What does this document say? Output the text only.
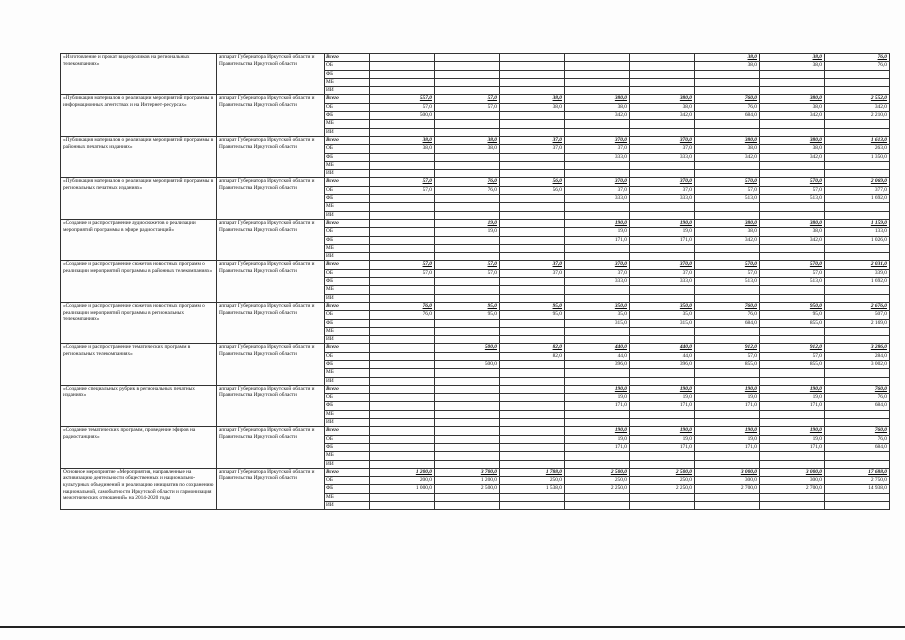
«Изготовление и прокат видеороликов на региональных телекомпаниях»	аппарат Губернатора Иркутской области и Правительства Иркутской области	Всего						38,0	38,0	76,0
		ОБ						38,0	38,0	76,0
		ФБ								
		МБ								
		ИИ								
«Публикация материалов о реализации мероприятий программы в информационных агентствах и на Интернет-ресурсах»	аппарат Губернатора Иркутской области и Правительства Иркутской области	Всего	557,0	57,0	38,0	380,0	380,0	760,0	380,0	2 552,0
		ОБ	57,0	57,0	38,0	38,0	38,0	76,0	38,0	342,0
		ФБ	500,0			342,0	342,0	684,0	342,0	2 210,0
		МБ								
		ИИ								
«Публикация материалов о реализации мероприятий программы в районных печатных изданиях»	аппарат Губернатора Иркутской области и Правительства Иркутской области	Всего	38,0	38,0	37,0	370,0	370,0	380,0	380,0	1 613,0
		ОБ	38,0	38,0	37,0	37,0	37,0	38,0	38,0	263,0
		ФБ				333,0	333,0	342,0	342,0	1 350,0
		МБ								
		ИИ								
«Публикация материалов о реализации мероприятий программы в региональных печатных изданиях»	аппарат Губернатора Иркутской области и Правительства Иркутской области	Всего	57,0	76,0	56,0	370,0	370,0	570,0	570,0	2 069,0
		ОБ	57,0	76,0	56,0	37,0	37,0	57,0	57,0	377,0
		ФБ				333,0	333,0	513,0	513,0	1 692,0
		МБ								
		ИИ								
«Создание и распространение аудиосюжетов о реализации мероприятий программы в эфире радиостанций»	аппарат Губернатора Иркутской области и Правительства Иркутской области	Всего		19,0		190,0	190,0	380,0	380,0	1 159,0
		ОБ		19,0		19,0	19,0	38,0	38,0	133,0
		ФБ				171,0	171,0	342,0	342,0	1 026,0
		МБ								
		ИИ								
«Создание и распространение сюжетов новостных программ о реализации мероприятий программы в районных телекомпаниях»	аппарат Губернатора Иркутской области и Правительства Иркутской области	Всего	57,0	57,0	37,0	370,0	370,0	570,0	570,0	2 031,0
		ОБ	57,0	57,0	37,0	37,0	37,0	57,0	57,0	339,0
		ФБ				333,0	333,0	513,0	513,0	1 692,0
		МБ								
		ИИ								
«Создание и распространение сюжетов новостных программ о реализации мероприятий программы в региональных телекомпаниях»	аппарат Губернатора Иркутской области и Правительства Иркутской области	Всего	76,0	95,0	95,0	350,0	350,0	760,0	950,0	2 676,0
		ОБ	76,0	95,0	95,0	35,0	35,0	76,0	95,0	507,0
		ФБ				315,0	315,0	684,0	855,0	2 169,0
		МБ								
		ИИ								
«Создание и распространение тематических программ в региональных телекомпаниях»	аппарат Губернатора Иркутской области и Правительства Иркутской области	Всего		500,0	82,0	440,0	440,0	912,0	912,0	3 286,0
		ОБ			82,0	44,0	44,0	57,0	57,0	284,0
		ФБ		500,0		396,0	396,0	855,0	855,0	3 002,0
		МБ								
		ИИ								
«Создание специальных рубрик в региональных печатных изданиях»	аппарат Губернатора Иркутской области и Правительства Иркутской области	Всего				190,0	190,0	190,0	190,0	760,0
		ОБ				19,0	19,0	19,0	19,0	76,0
		ФБ				171,0	171,0	171,0	171,0	684,0
		МБ								
		ИИ								
«Создание тематических программ, проведение эфиров на радиостанциях»	аппарат Губернатора Иркутской области и Правительства Иркутской области	Всего				190,0	190,0	190,0	190,0	760,0
		ОБ				19,0	19,0	19,0	19,0	76,0
		ФБ				171,0	171,0	171,0	171,0	684,0
		МБ								
		ИИ								
Основное мероприятие «Мероприятия, направленные на активизацию деятельности общественных и национально-культурных объединений и реализацию инициатив по сохранению национальной, самобытности Иркутской области и гармонизация межэтнических отношений» на 2014-2020 годы	аппарат Губернатора Иркутской области и Правительства Иркутской области	Всего	1 200,0	3 700,0	1 788,0	2 500,0	2 500,0	3 000,0	3 000,0	17 688,0
		ОБ	200,0	1 200,0	250,0	250,0	250,0	300,0	300,0	2 750,0
		ФБ	1 000,0	2 500,0	1 538,0	2 250,0	2 250,0	2 700,0	2 700,0	14 938,0
		МБ								
		ИИ								
